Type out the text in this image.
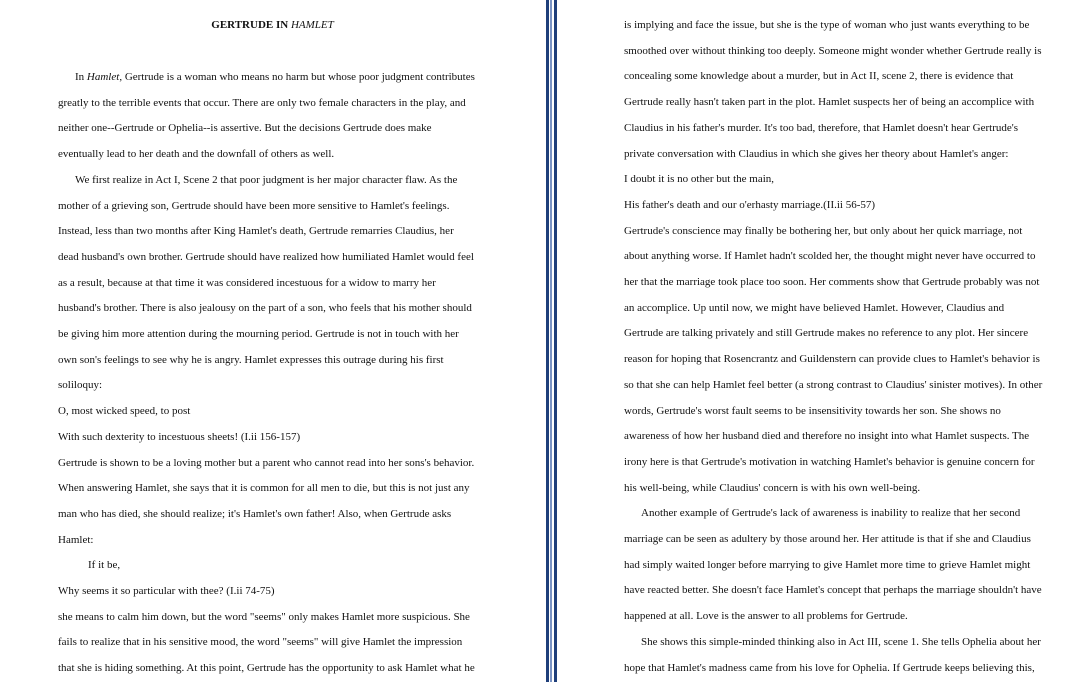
GERTRUDE IN HAMLET
In Hamlet, Gertrude is a woman who means no harm but whose poor judgment contributes
greatly to the terrible events that occur. There are only two female characters in the play, and
neither one--Gertrude or Ophelia--is assertive. But the decisions Gertrude does make
eventually lead to her death and the downfall of others as well.
We first realize in Act I, Scene 2 that poor judgment is her major character flaw. As the
mother of a grieving son, Gertrude should have been more sensitive to Hamlet's feelings.
Instead, less than two months after King Hamlet's death, Gertrude remarries Claudius, her
dead husband's own brother. Gertrude should have realized how humiliated Hamlet would feel
as a result, because at that time it was considered incestuous for a widow to marry her
husband's brother. There is also jealousy on the part of a son, who feels that his mother should
be giving him more attention during the mourning period. Gertrude is not in touch with her
own son's feelings to see why he is angry. Hamlet expresses this outrage during his first
soliloquy:
O, most wicked speed, to post
With such dexterity to incestuous sheets! (I.ii 156-157)
Gertrude is shown to be a loving mother but a parent who cannot read into her sons's behavior.
When answering Hamlet, she says that it is common for all men to die, but this is not just any
man who has died, she should realize; it's Hamlet's own father! Also, when Gertrude asks
Hamlet:
If it be,
Why seems it so particular with thee? (I.ii 74-75)
she means to calm him down, but the word "seems" only makes Hamlet more suspicious. She
fails to realize that in his sensitive mood, the word "seems" will give Hamlet the impression
that she is hiding something. At this point, Gertrude has the opportunity to ask Hamlet what he
is implying and face the issue, but she is the type of woman who just wants everything to be
smoothed over without thinking too deeply. Someone might wonder whether Gertrude really is
concealing some knowledge about a murder, but in Act II, scene 2, there is evidence that
Gertrude really hasn't taken part in the plot. Hamlet suspects her of being an accomplice with
Claudius in his father's murder. It's too bad, therefore, that Hamlet doesn't hear Gertrude's
private conversation with Claudius in which she gives her theory about Hamlet's anger:
I doubt it is no other but the main,
His father's death and our o'erhasty marriage.(II.ii 56-57)
Gertrude's conscience may finally be bothering her, but only about her quick marriage, not
about anything worse. If Hamlet hadn't scolded her, the thought might never have occurred to
her that the marriage took place too soon. Her comments show that Gertrude probably was not
an accomplice. Up until now, we might have believed Hamlet. However, Claudius and
Gertrude are talking privately and still Gertrude makes no reference to any plot. Her sincere
reason for hoping that Rosencrantz and Guildenstern can provide clues to Hamlet's behavior is
so that she can help Hamlet feel better (a strong contrast to Claudius' sinister motives). In other
words, Gertrude's worst fault seems to be insensitivity towards her son. She shows no
awareness of how her husband died and therefore no insight into what Hamlet suspects. The
irony here is that Gertrude's motivation in watching Hamlet's behavior is genuine concern for
his well-being, while Claudius' concern is with his own well-being.
Another example of Gertrude's lack of awareness is inability to realize that her second
marriage can be seen as adultery by those around her. Her attitude is that if she and Claudius
had simply waited longer before marrying to give Hamlet more time to grieve Hamlet might
have reacted better. She doesn't face Hamlet's concept that perhaps the marriage shouldn't have
happened at all. Love is the answer to all problems for Gertrude.
She shows this simple-minded thinking also in Act III, scene 1. She tells Ophelia about her
hope that Hamlet's madness came from his love for Ophelia. If Gertrude keeps believing this,
